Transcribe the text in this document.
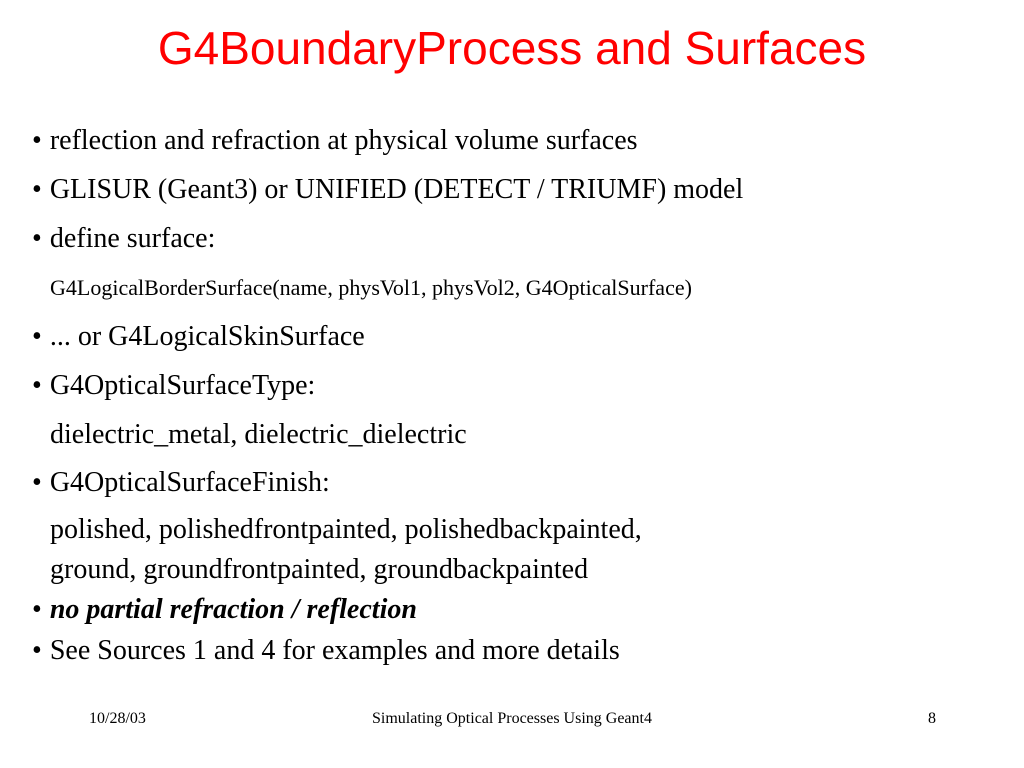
G4BoundaryProcess and Surfaces
• reflection and refraction at physical volume surfaces
• GLISUR (Geant3) or UNIFIED (DETECT / TRIUMF) model
• define surface:
G4LogicalBorderSurface(name, physVol1, physVol2, G4OpticalSurface)
• ... or G4LogicalSkinSurface
• G4OpticalSurfaceType:
dielectric_metal, dielectric_dielectric
• G4OpticalSurfaceFinish:
polished, polishedfrontpainted, polishedbackpainted,
ground, groundfrontpainted, groundbackpainted
• no partial refraction / reflection
• See Sources 1 and 4 for examples and more details
10/28/03	Simulating Optical Processes Using Geant4	8
